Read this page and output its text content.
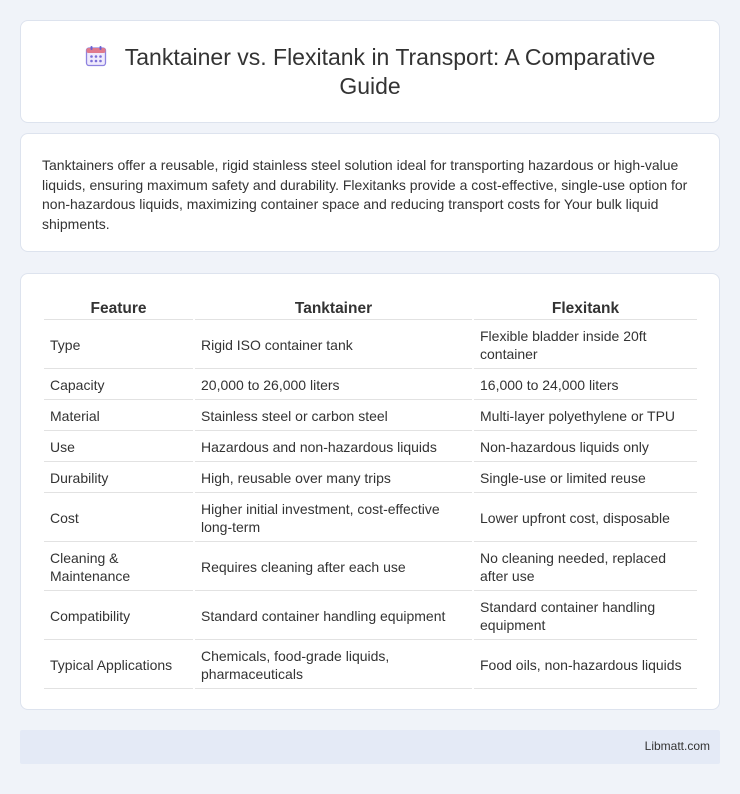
Tanktainer vs. Flexitank in Transport: A Comparative Guide

Tanktainers offer a reusable, rigid stainless steel solution ideal for transporting hazardous or high-value liquids, ensuring maximum safety and durability. Flexitanks provide a cost-effective, single-use option for non-hazardous liquids, maximizing container space and reducing transport costs for Your bulk liquid shipments.

Feature	Tanktainer	Flexitank
Type	Rigid ISO container tank	Flexible bladder inside 20ft container
Capacity	20,000 to 26,000 liters	16,000 to 24,000 liters
Material	Stainless steel or carbon steel	Multi-layer polyethylene or TPU
Use	Hazardous and non-hazardous liquids	Non-hazardous liquids only
Durability	High, reusable over many trips	Single-use or limited reuse
Cost	Higher initial investment, cost-effective long-term	Lower upfront cost, disposable
Cleaning & Maintenance	Requires cleaning after each use	No cleaning needed, replaced after use
Compatibility	Standard container handling equipment	Standard container handling equipment
Typical Applications	Chemicals, food-grade liquids, pharmaceuticals	Food oils, non-hazardous liquids
Libmatt.com
